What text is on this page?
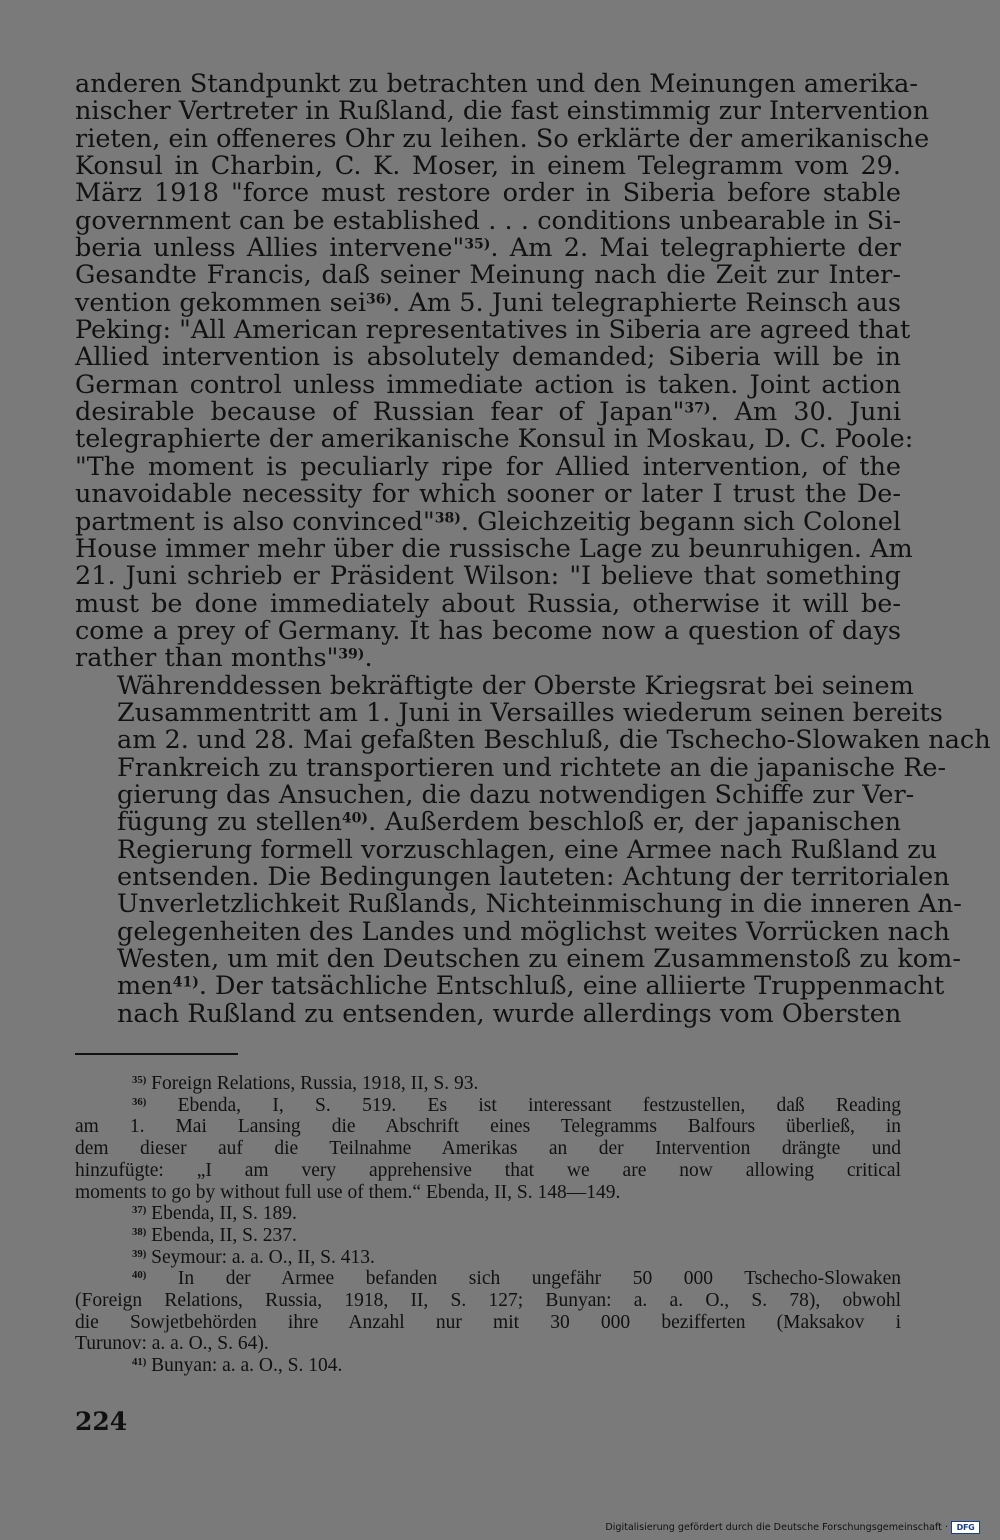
anderen Standpunkt zu betrachten und den Meinungen amerika-
nischer Vertreter in Rußland, die fast einstimmig zur Intervention
rieten, ein offeneres Ohr zu leihen. So erklärte der amerikanische
Konsul in Charbin, C. K. Moser, in einem Telegramm vom 29.
März 1918 "force must restore order in Siberia before stable
government can be established . . . conditions unbearable in Si-
beria unless Allies intervene"$^{35)}$. Am 2. Mai telegraphierte der
Gesandte Francis, daß seiner Meinung nach die Zeit zur Inter-
vention gekommen sei$^{36)}$. Am 5. Juni telegraphierte Reinsch aus
Peking: "All American representatives in Siberia are agreed that
Allied intervention is absolutely demanded; Siberia will be in
German control unless immediate action is taken. Joint action
desirable because of Russian fear of Japan"$^{37)}$. Am 30. Juni
telegraphierte der amerikanische Konsul in Moskau, D. C. Poole:
"The moment is peculiarly ripe for Allied intervention, of the
unavoidable necessity for which sooner or later I trust the De-
partment is also convinced"$^{38)}$. Gleichzeitig begann sich Colonel
House immer mehr über die russische Lage zu beunruhigen. Am
21. Juni schrieb er Präsident Wilson: "I believe that something
must be done immediately about Russia, otherwise it will be-
come a prey of Germany. It has become now a question of days
rather than months"$^{39)}$.

Währenddessen bekräftigte der Oberste Kriegsrat bei seinem
Zusammentritt am 1. Juni in Versailles wiederum seinen bereits
am 2. und 28. Mai gefaßten Beschluß, die Tschecho-Slowaken nach
Frankreich zu transportieren und richtete an die japanische Re-
gierung das Ansuchen, die dazu notwendigen Schiffe zur Ver-
fügung zu stellen$^{40)}$. Außerdem beschloß er, der japanischen
Regierung formell vorzuschlagen, eine Armee nach Rußland zu
entsenden. Die Bedingungen lauteten: Achtung der territorialen
Unverletzlichkeit Rußlands, Nichteinmischung in die inneren An-
gelegenheiten des Landes und möglichst weites Vorrücken nach
Westen, um mit den Deutschen zu einem Zusammenstoß zu kom-
men$^{41)}$. Der tatsächliche Entschluß, eine alliierte Truppenmacht
nach Rußland zu entsenden, wurde allerdings vom Obersten

$^{35)}$ Foreign Relations, Russia, 1918, II, S. 93.
$^{36)}$ Ebenda, I, S. 519. Es ist interessant festzustellen, daß Reading
am 1. Mai Lansing die Abschrift eines Telegramms Balfours überließ, in
dem dieser auf die Teilnahme Amerikas an der Intervention drängte und
hinzufügte: „I am very apprehensive that we are now allowing critical
moments to go by without full use of them.“ Ebenda, II, S. 148—149.
$^{37)}$ Ebenda, II, S. 189.
$^{38)}$ Ebenda, II, S. 237.
$^{39)}$ Seymour: a. a. O., II, S. 413.
$^{40)}$ In der Armee befanden sich ungefähr 50 000 Tschecho-Slowaken
(Foreign Relations, Russia, 1918, II, S. 127; Bunyan: a. a. O., S. 78), obwohl
die Sowjetbehörden ihre Anzahl nur mit 30 000 bezifferten (Maksakov i
Turunov: a. a. O., S. 64).
$^{41)}$ Bunyan: a. a. O., S. 104.
224
Digitalisierung gefördert durch die Deutsche Forschungsgemeinschaft ·	DFG
